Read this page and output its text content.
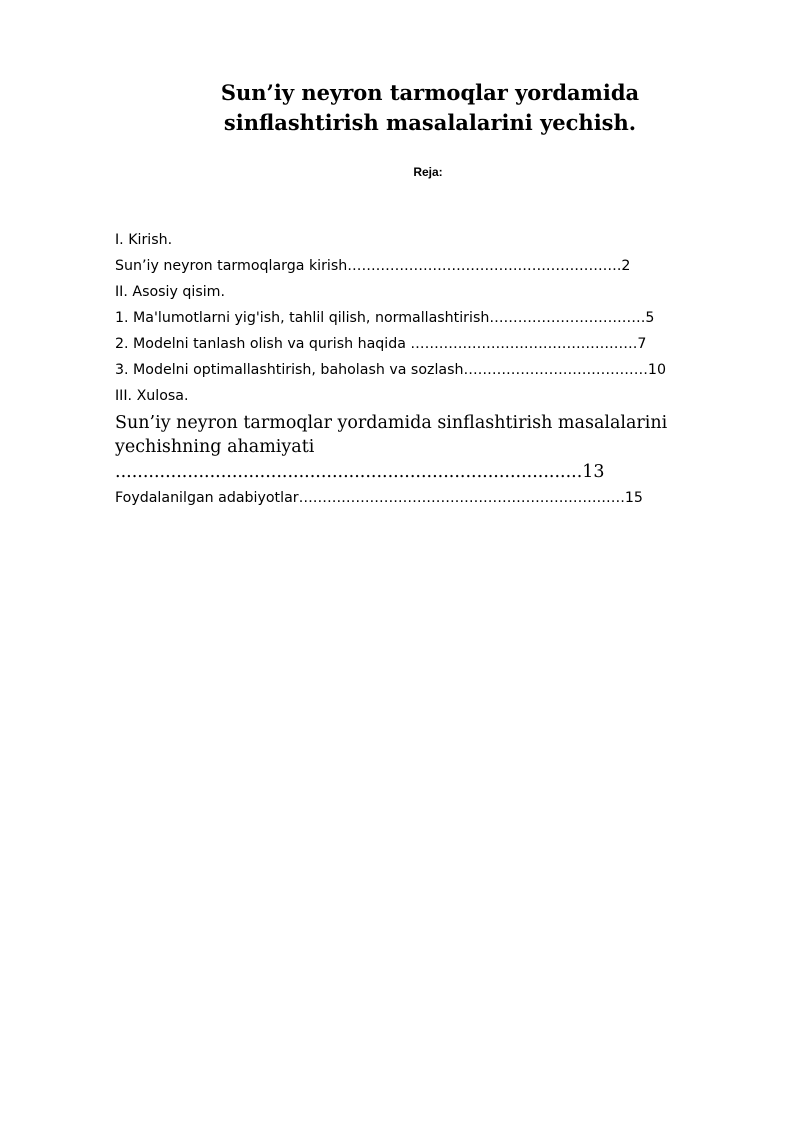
Sun’iy neyron tarmoqlar yordamida sinflashtirish masalalarini yechish.
Reja:
I. Kirish.
Sun’iy neyron tarmoqlarga kirish………………………………………………….2
II. Asosiy qisim.
1. Ma'lumotlarni yig'ish, tahlil qilish, normallashtirish……………………………5
2. Modelni tanlash olish va qurish haqida …………………………………………7
3. Modelni optimallashtirish, baholash va sozlash…………………………………10
III. Xulosa.
Sun’iy neyron tarmoqlar yordamida sinflashtirish masalalarini yechishning ahamiyati
....................................................................................13
Foydalanilgan adabiyotlar……………………………………………………………15
